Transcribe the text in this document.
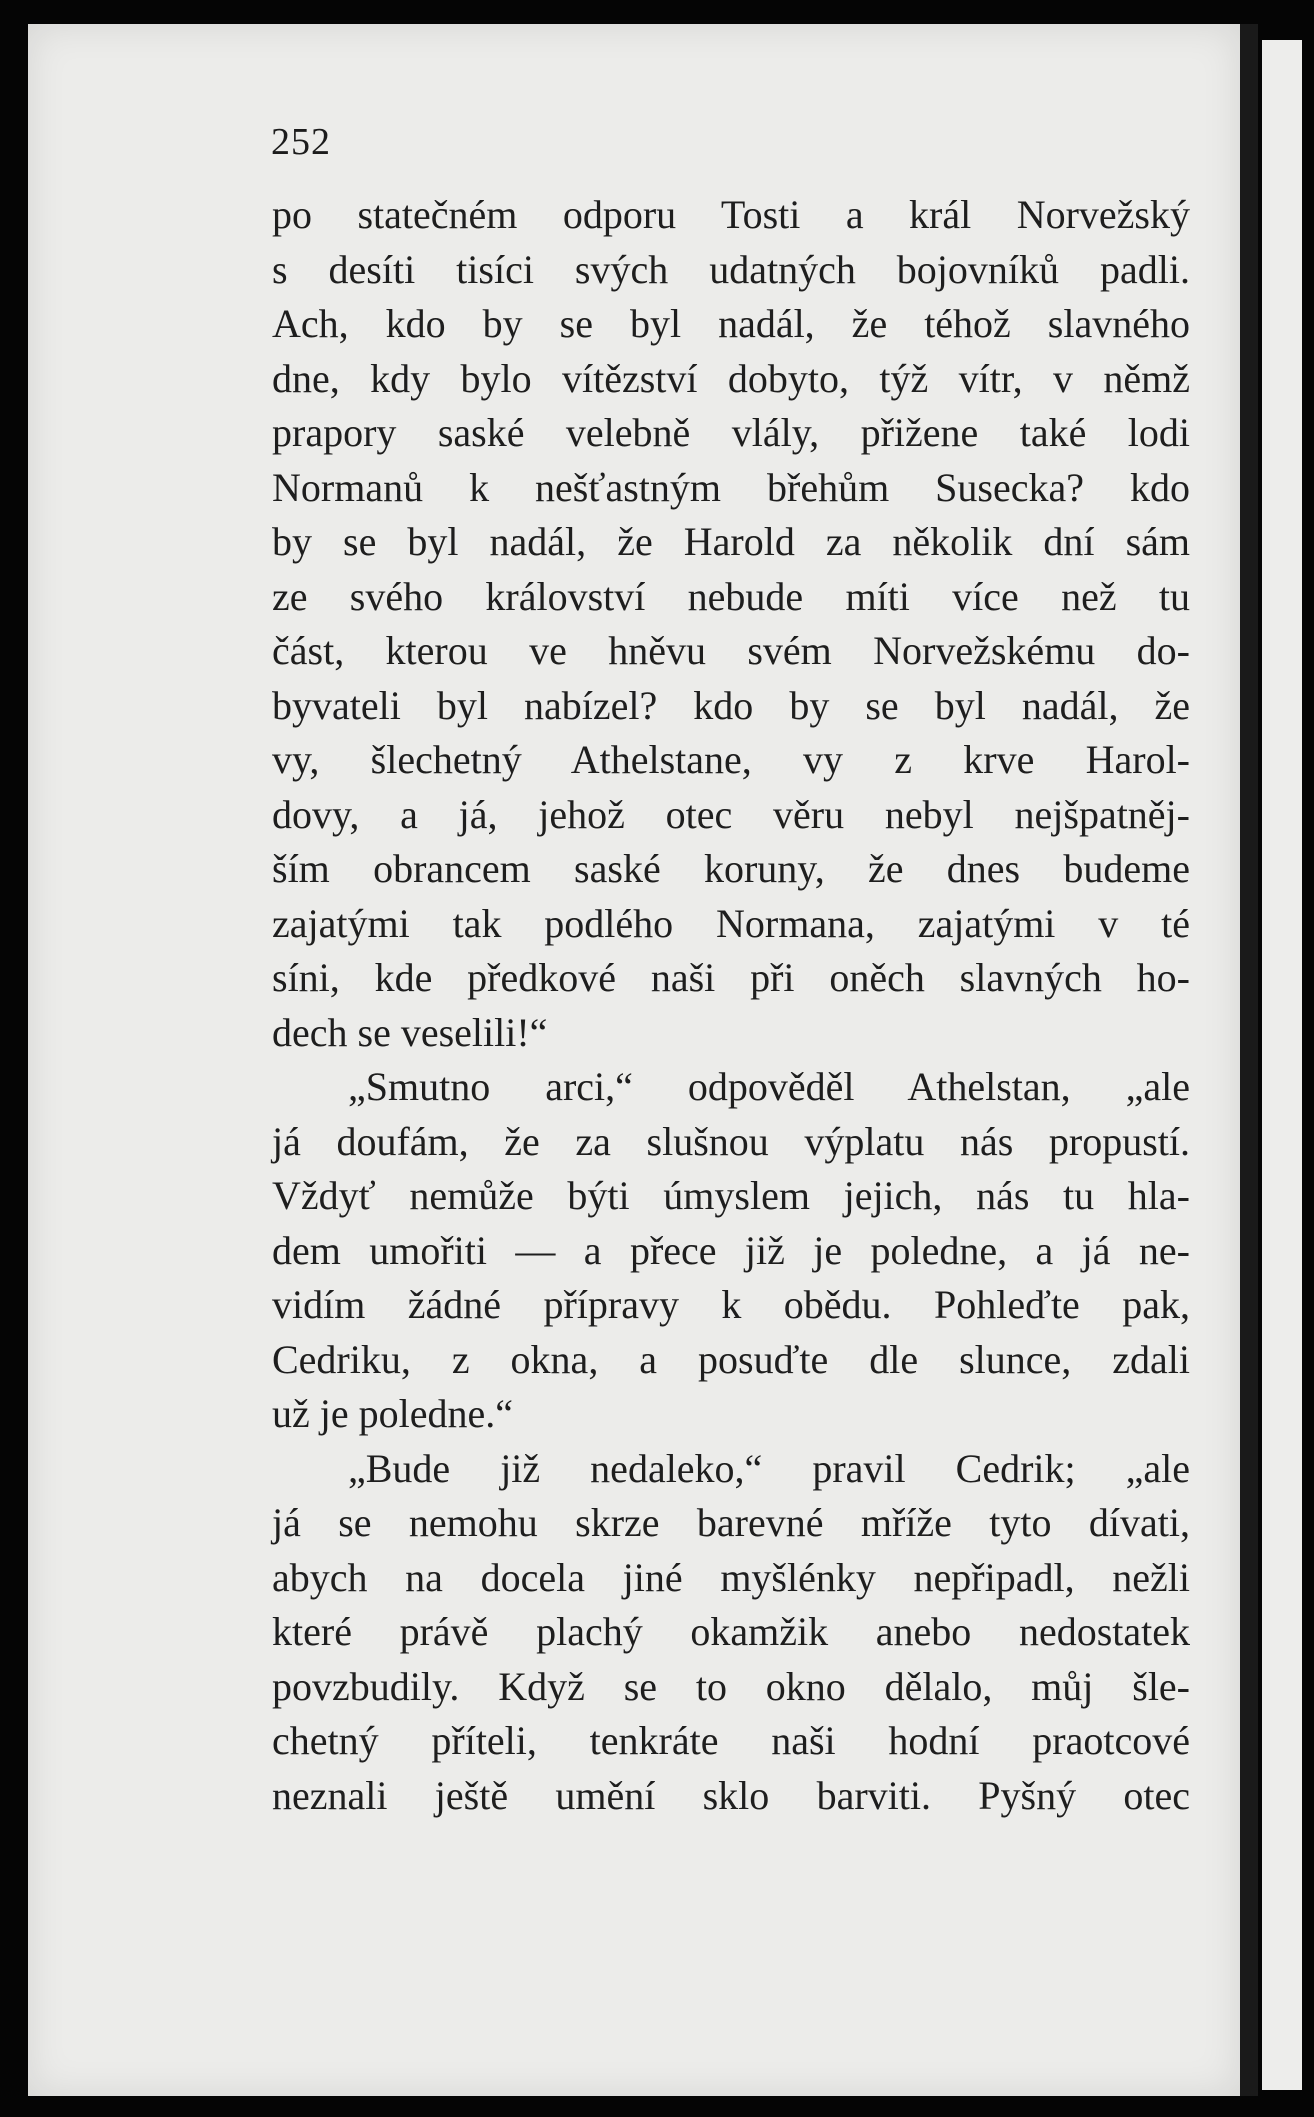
252
po statečném odporu Tosti a král Norvežský
s desíti tisíci svých udatných bojovníků padli.
Ach, kdo by se byl nadál, že téhož slavného
dne, kdy bylo vítězství dobyto, týž vítr, v němž
prapory saské velebně vlály, přižene také lodi
Normanů k nešťastným břehům Susecka? kdo
by se byl nadál, že Harold za několik dní sám
ze svého království nebude míti více než tu
část, kterou ve hněvu svém Norvežskému do-
byvateli byl nabízel? kdo by se byl nadál, že
vy, šlechetný Athelstane, vy z krve Harol-
dovy, a já, jehož otec věru nebyl nejšpatněj-
ším obrancem saské koruny, že dnes budeme
zajatými tak podlého Normana, zajatými v té
síni, kde předkové naši při oněch slavných ho-
dech se veselili!“
„Smutno arci,“ odpověděl Athelstan, „ale
já doufám, že za slušnou výplatu nás propustí.
Vždyť nemůže býti úmyslem jejich, nás tu hla-
dem umořiti — a přece již je poledne, a já ne-
vidím žádné přípravy k obědu. Pohleďte pak,
Cedriku, z okna, a posuďte dle slunce, zdali
už je poledne.“
„Bude již nedaleko,“ pravil Cedrik; „ale
já se nemohu skrze barevné mříže tyto dívati,
abych na docela jiné myšlénky nepřipadl, nežli
které právě plachý okamžik anebo nedostatek
povzbudily. Když se to okno dělalo, můj šle-
chetný příteli, tenkráte naši hodní praotcové
neznali ještě umění sklo barviti. Pyšný otec
